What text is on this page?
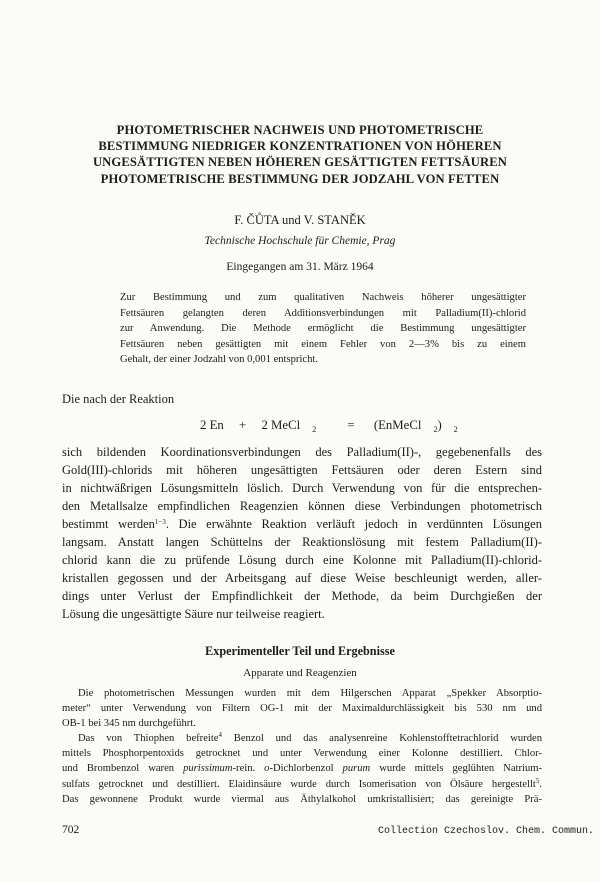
PHOTOMETRISCHER NACHWEIS UND PHOTOMETRISCHE
BESTIMMUNG NIEDRIGER KONZENTRATIONEN VON HÖHEREN
UNGESÄTTIGTEN NEBEN HÖHEREN GESÄTTIGTEN FETTSÄUREN
PHOTOMETRISCHE BESTIMMUNG DER JODZAHL VON FETTEN
F. ČŮTA und V. STANĚK
Technische Hochschule für Chemie, Prag
Eingegangen am 31. März 1964
Zur Bestimmung und zum qualitativen Nachweis höherer ungesättigter
Fettsäuren gelangten deren Additionsverbindungen mit Palladium(II)-chlorid
zur Anwendung. Die Methode ermöglicht die Bestimmung ungesättigter
Fettsäuren neben gesättigten mit einem Fehler von 2—3% bis zu einem
Gehalt, der einer Jodzahl von 0,001 entspricht.
Die nach der Reaktion
2 En + 2 MeCl $_2$ = (EnMeCl $_2$) $_2$
sich bildenden Koordinationsverbindungen des Palladium(II)-, gegebenenfalls des
Gold(III)-chlorids mit höheren ungesättigten Fettsäuren oder deren Estern sind
in nichtwäßrigen Lösungsmitteln löslich. Durch Verwendung von für die entsprechen-
den Metallsalze empfindlichen Reagenzien können diese Verbindungen photometrisch
bestimmt werden$^{1-3}$. Die erwähnte Reaktion verläuft jedoch in verdünnten Lösungen
langsam. Anstatt langen Schüttelns der Reaktionslösung mit festem Palladium(II)-
chlorid kann die zu prüfende Lösung durch eine Kolonne mit Palladium(II)-chlorid-
kristallen gegossen und der Arbeitsgang auf diese Weise beschleunigt werden, aller-
dings unter Verlust der Empfindlichkeit der Methode, da beim Durchgießen der
Lösung die ungesättigte Säure nur teilweise reagiert.
Experimenteller Teil und Ergebnisse
Apparate und Reagenzien
Die photometrischen Messungen wurden mit dem Hilgerschen Apparat „Spekker Absorptio-
meter“ unter Verwendung von Filtern OG-1 mit der Maximaldurchlässigkeit bis 530 nm und
OB-1 bei 345 nm durchgeführt.
Das von Thiophen befreite$^4$ Benzol und das analysenreine Kohlenstofftetrachlorid wurden
mittels Phosphorpentoxids getrocknet und unter Verwendung einer Kolonne destilliert. Chlor-
und Brombenzol waren purissimum-rein. o-Dichlorbenzol purum wurde mittels geglühten Natrium-
sulfats getrocknet und destilliert. Elaidinsäure wurde durch Isomerisation von Ölsäure hergestellt$^5$.
Das gewonnene Produkt wurde viermal aus Äthylalkohol umkristallisiert; das gereinigte Prä-
702	Collection Czechoslov. Chem. Commun.
